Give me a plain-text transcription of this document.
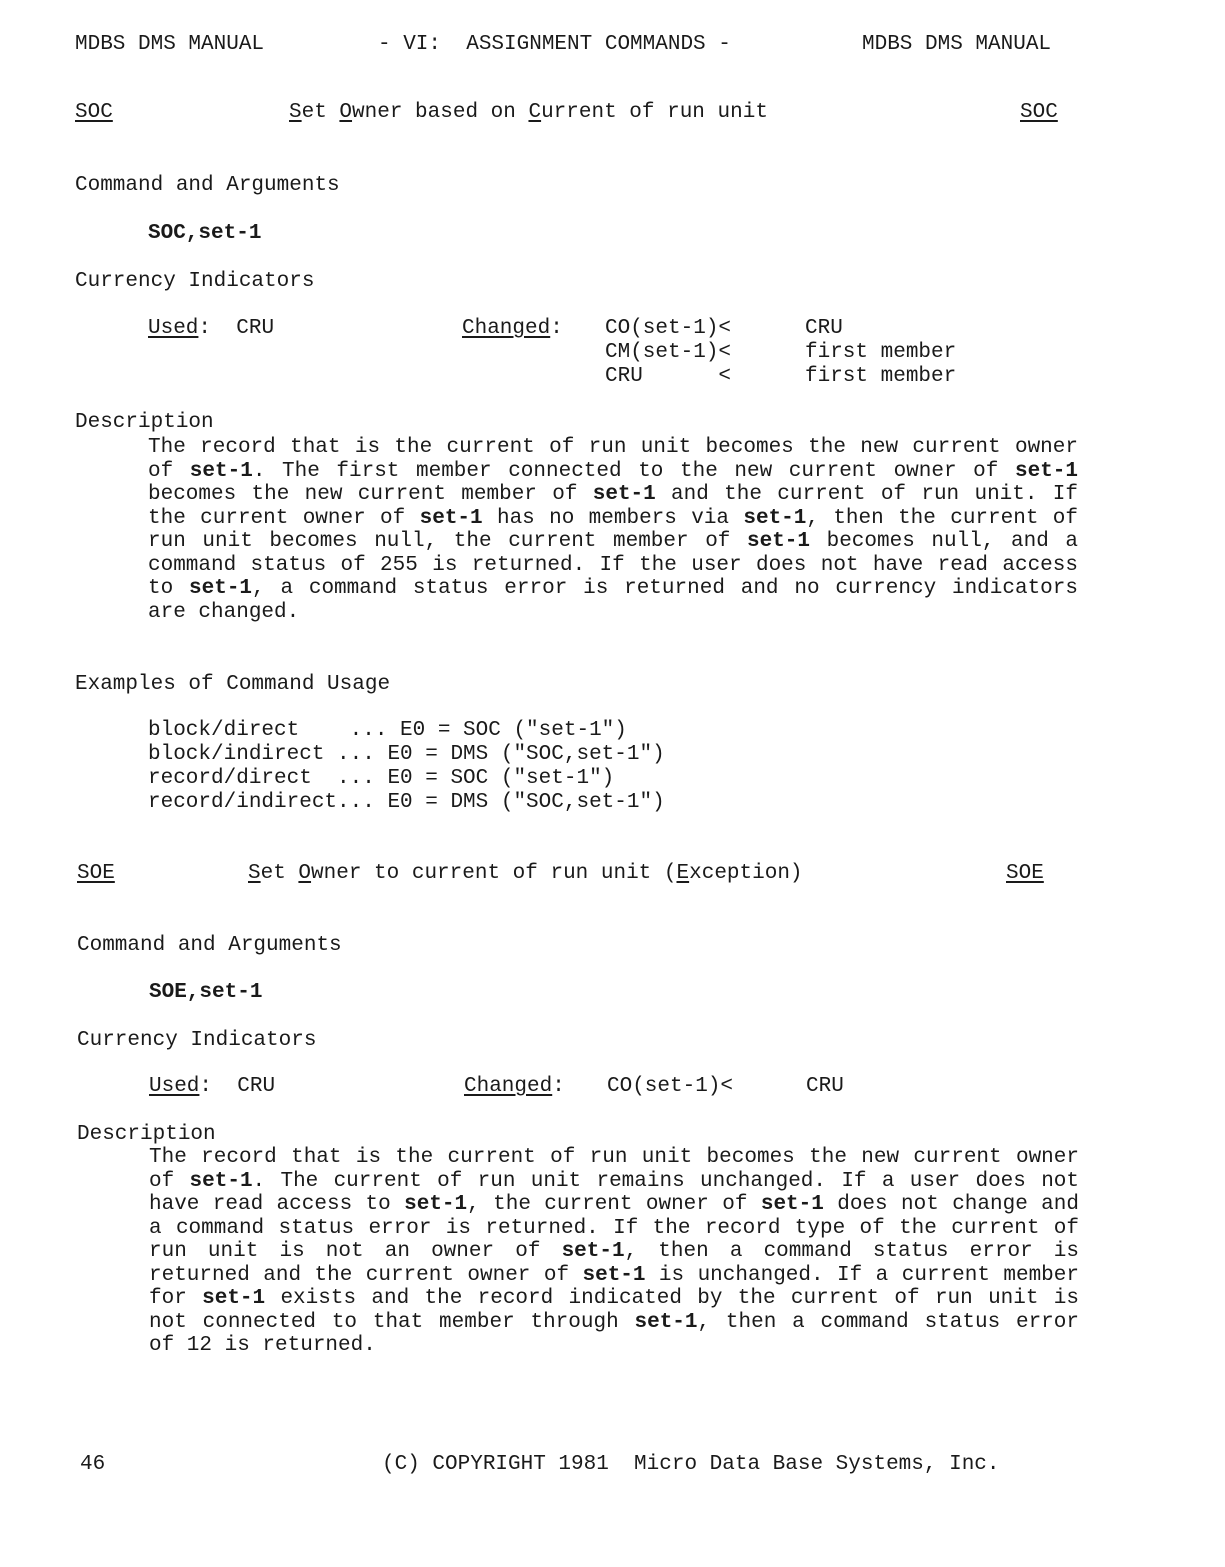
MDBS DMS MANUAL	- VI:  ASSIGNMENT COMMANDS -	MDBS DMS MANUAL
SOC	Set Owner based on Current of run unit	SOC
Command and Arguments
SOC,set-1
Currency Indicators
Used:  CRU	Changed: CO(set-1)<	CRU
CM(set-1)<	first member
CRU      <	first member
Description
The record that is the current of run unit becomes the new current owner of set-1. The first member connected to the new current owner of set-1 becomes the new current member of set-1 and the current of run unit. If the current owner of set-1 has no members via set-1, then the current of run unit becomes null, the current member of set-1 becomes null, and a command status of 255 is returned. If the user does not have read access to set-1, a command status error is returned and no currency indicators are changed.
Examples of Command Usage
block/direct    ... E0 = SOC ("set-1")
block/indirect ... E0 = DMS ("SOC,set-1")
record/direct  ... E0 = SOC ("set-1")
record/indirect... E0 = DMS ("SOC,set-1")
SOE	Set Owner to current of run unit (Exception)	SOE
Command and Arguments
SOE,set-1
Currency Indicators
Used:  CRU	Changed: CO(set-1)<	CRU
Description
The record that is the current of run unit becomes the new current owner of set-1. The current of run unit remains unchanged. If a user does not have read access to set-1, the current owner of set-1 does not change and a command status error is returned. If the record type of the current of run unit is not an owner of set-1, then a command status error is returned and the current owner of set-1 is unchanged. If a current member for set-1 exists and the record indicated by the current of run unit is not connected to that member through set-1, then a command status error of 12 is returned.
46	(C) COPYRIGHT 1981  Micro Data Base Systems, Inc.
